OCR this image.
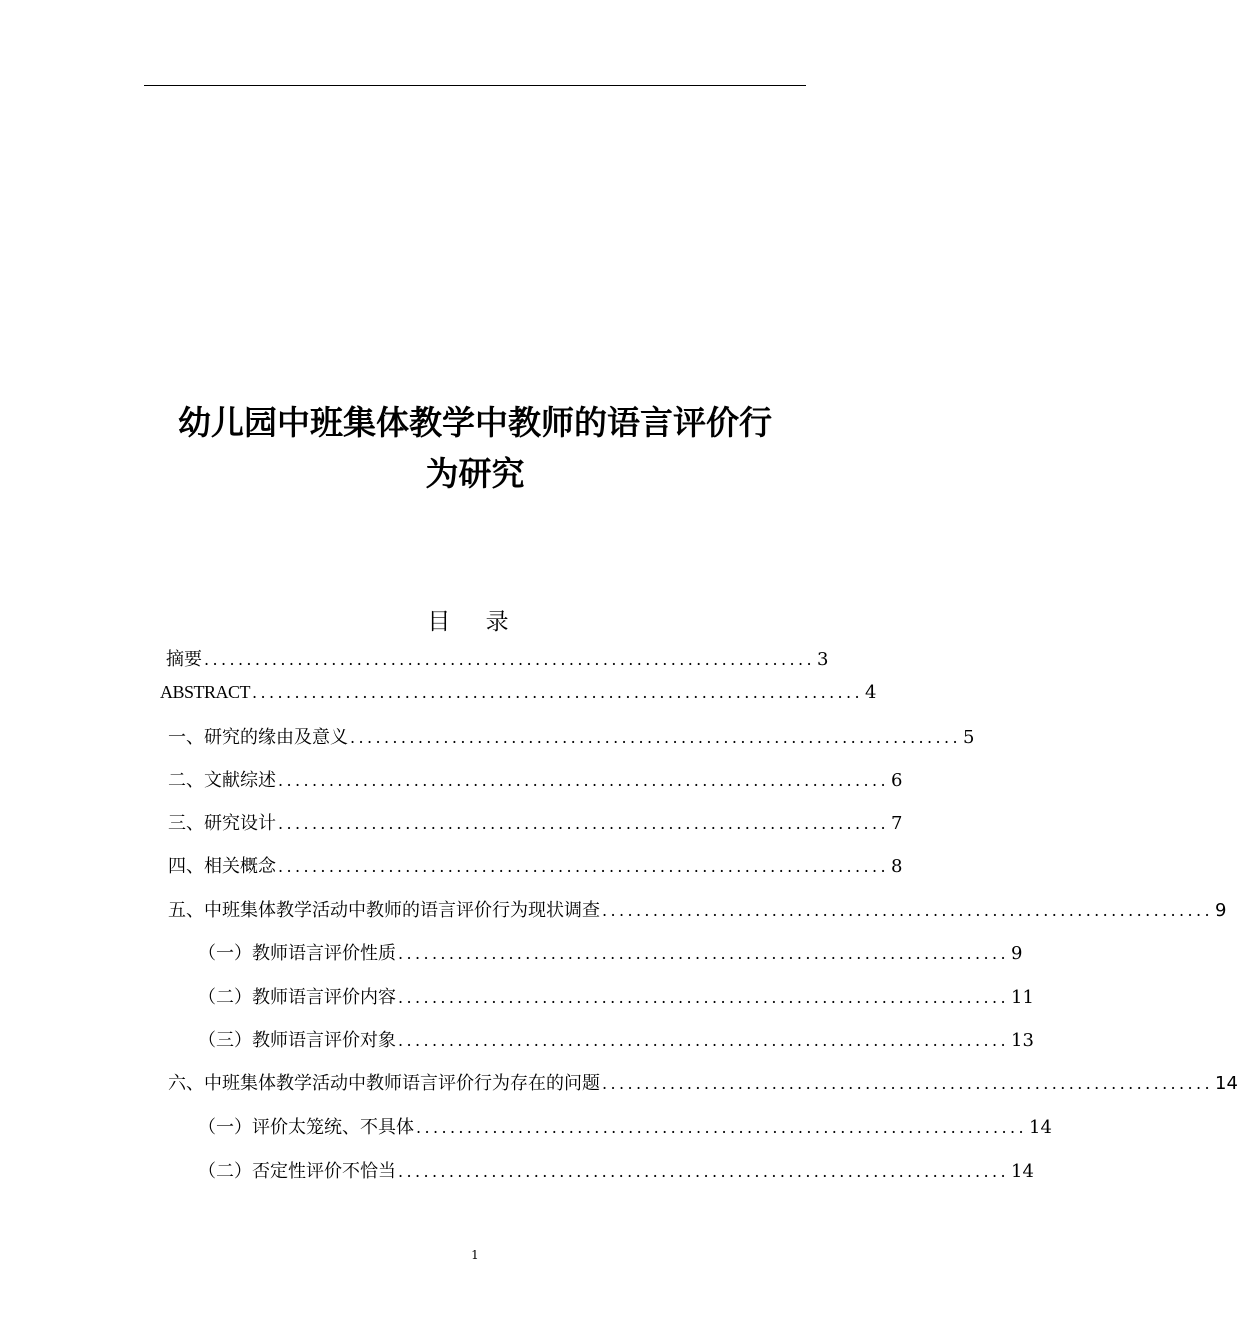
幼儿园中班集体教学中教师的语言评价行
为研究
目 录
摘要 ........................................................................ 3
ABSTRACT ........................................................................ 4
一、 研究的缘由及意义 ........................................................................ 5
二、 文献综述 ........................................................................ 6
三、 研究设计 ........................................................................ 7
四、 相关概念 ........................................................................ 8
五、 中班集体教学活动中教师的语言评价行为现状调查 ........................................................................ 9
（一）教师语言评价性质 ........................................................................ 9
（二）教师语言评价内容 ........................................................................ 11
（三）教师语言评价对象 ........................................................................ 13
六、 中班集体教学活动中教师语言评价行为存在的问题 ........................................................................ 14
（一）评价太笼统、不具体 ........................................................................ 14
（二）否定性评价不恰当 ........................................................................ 14
1
